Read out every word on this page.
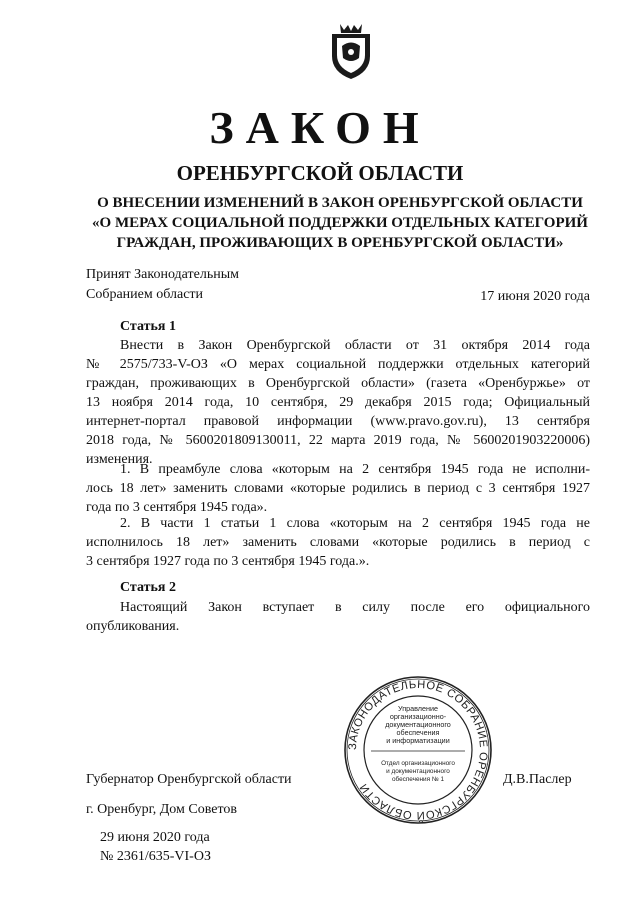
ЗАКОН
ОРЕНБУРГСКОЙ ОБЛАСТИ
О ВНЕСЕНИИ ИЗМЕНЕНИЙ В ЗАКОН ОРЕНБУРГСКОЙ ОБЛАСТИ
«О МЕРАХ СОЦИАЛЬНОЙ ПОДДЕРЖКИ ОТДЕЛЬНЫХ КАТЕГОРИЙ
ГРАЖДАН, ПРОЖИВАЮЩИХ В ОРЕНБУРГСКОЙ ОБЛАСТИ»
Принят Законодательным
Собранием области	17 июня 2020 года
Статья 1
Внести в Закон Оренбургской области от 31 октября 2014 года
№ 2575/733-V-ОЗ «О мерах социальной поддержки отдельных категорий
граждан, проживающих в Оренбургской области» (газета «Оренбуржье» от
13 ноября 2014 года, 10 сентября, 29 декабря 2015 года; Официальный
интернет-портал правовой информации (www.pravo.gov.ru), 13 сентября
2018 года, № 5600201809130011, 22 марта 2019 года, № 5600201903220006)
изменения.
1. В преамбуле слова «которым на 2 сентября 1945 года не исполни-
лось 18 лет» заменить словами «которые родились в период с 3 сентября 1927
года по 3 сентября 1945 года».
2. В части 1 статьи 1 слова «которым на 2 сентября 1945 года не
исполнилось 18 лет» заменить словами «которые родились в период с
3 сентября 1927 года по 3 сентября 1945 года.».
Статья 2
Настоящий Закон вступает в силу после его официального
опубликования.
ЗАКОНОДАТЕЛЬНОЕ СОБРАНИЕ ОРЕНБУРГСКОЙ ОБЛАСТИ
Управление
организационно-
документационного
обеспечения
и информатизации
Отдел организационного
и документационного
обеспечения № 1
Губернатор Оренбургской области	Д.В.Паслер
г. Оренбург, Дом Советов
29 июня 2020 года
№ 2361/635-VI-ОЗ
